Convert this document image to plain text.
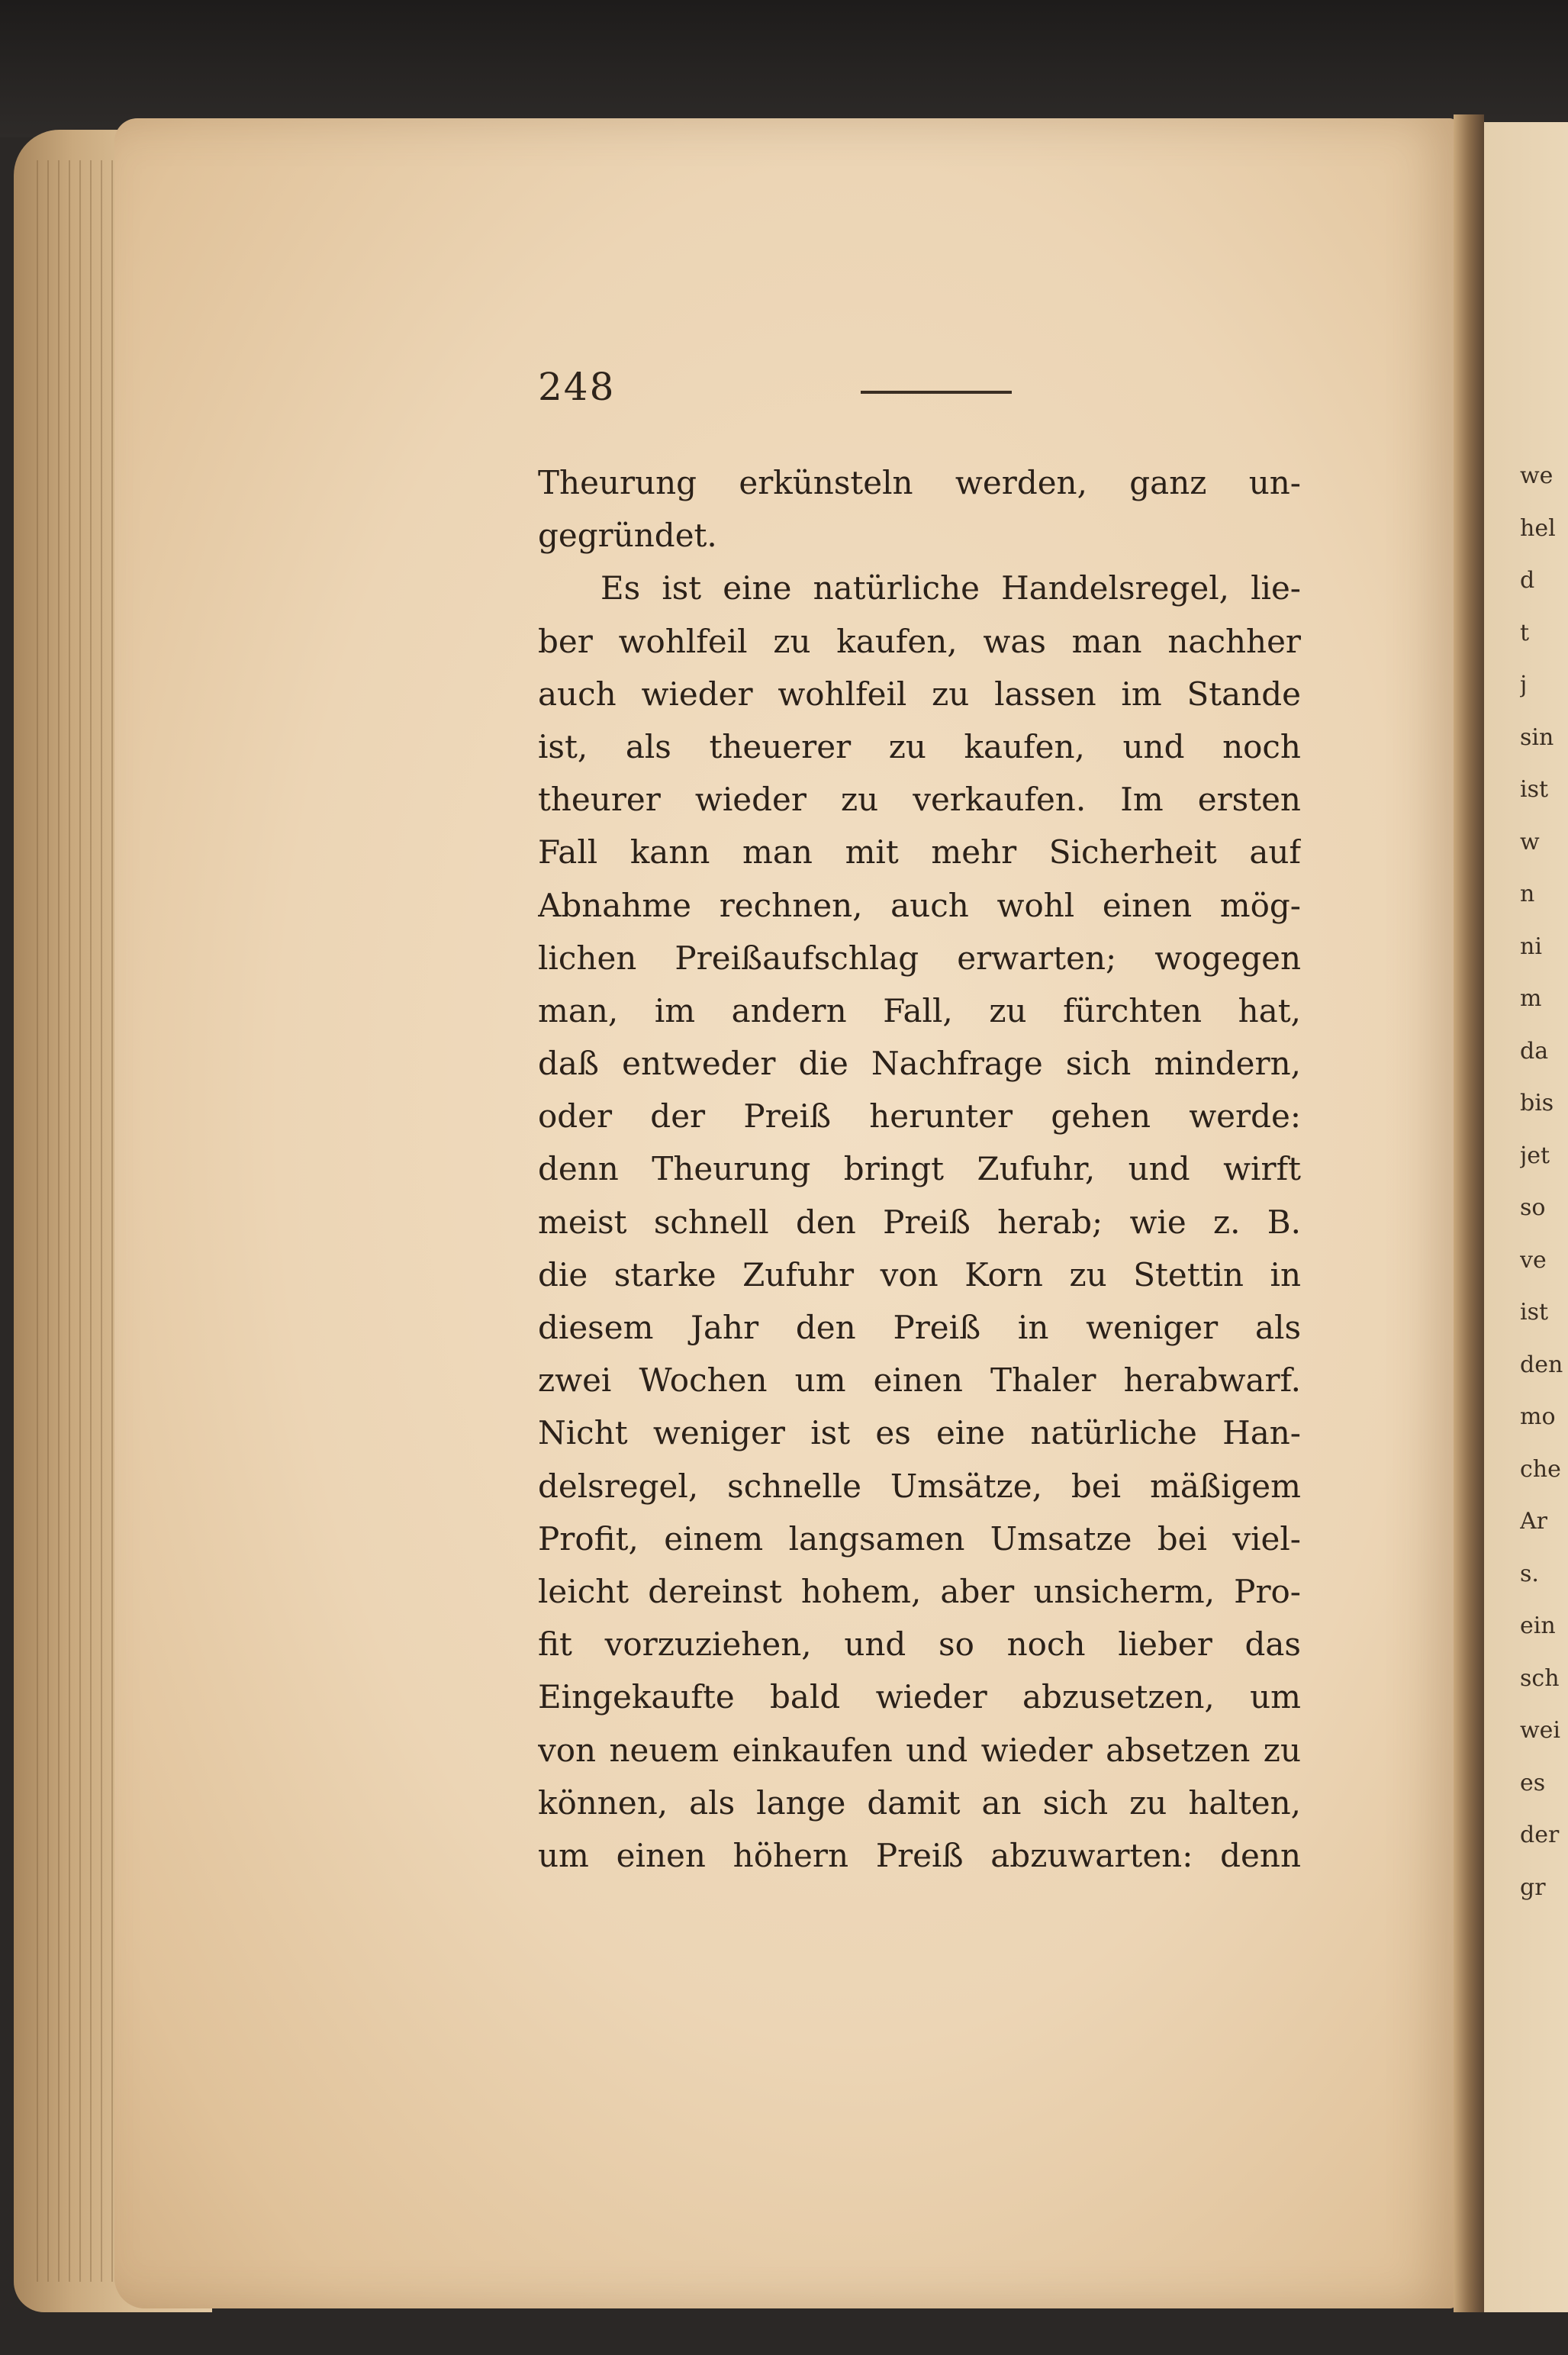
248
Theurung erkünsteln werden, ganz un-
gegründet.
Es ist eine natürliche Handelsregel, lie-
ber wohlfeil zu kaufen, was man nachher
auch wieder wohlfeil zu lassen im Stande
ist, als theuerer zu kaufen, und noch
theurer wieder zu verkaufen. Im ersten
Fall kann man mit mehr Sicherheit auf
Abnahme rechnen, auch wohl einen mög-
lichen Preißaufschlag erwarten; wogegen
man, im andern Fall, zu fürchten hat,
daß entweder die Nachfrage sich mindern,
oder der Preiß herunter gehen werde:
denn Theurung bringt Zufuhr, und wirft
meist schnell den Preiß herab; wie z. B.
die starke Zufuhr von Korn zu Stettin in
diesem Jahr den Preiß in weniger als
zwei Wochen um einen Thaler herabwarf.
Nicht weniger ist es eine natürliche Han-
delsregel, schnelle Umsätze, bei mäßigem
Profit, einem langsamen Umsatze bei viel-
leicht dereinst hohem, aber unsicherm, Pro-
fit vorzuziehen, und so noch lieber das
Eingekaufte bald wieder abzusetzen, um
von neuem einkaufen und wieder absetzen zu
können, als lange damit an sich zu halten,
um einen höhern Preiß abzuwarten: denn
we
hel
d
t
j
sin
ist
w
n
ni
m
da
bis
jet
so
ve
ist
den
mo
che
Ar
s.
ein
sch
wei
es
der
gr
